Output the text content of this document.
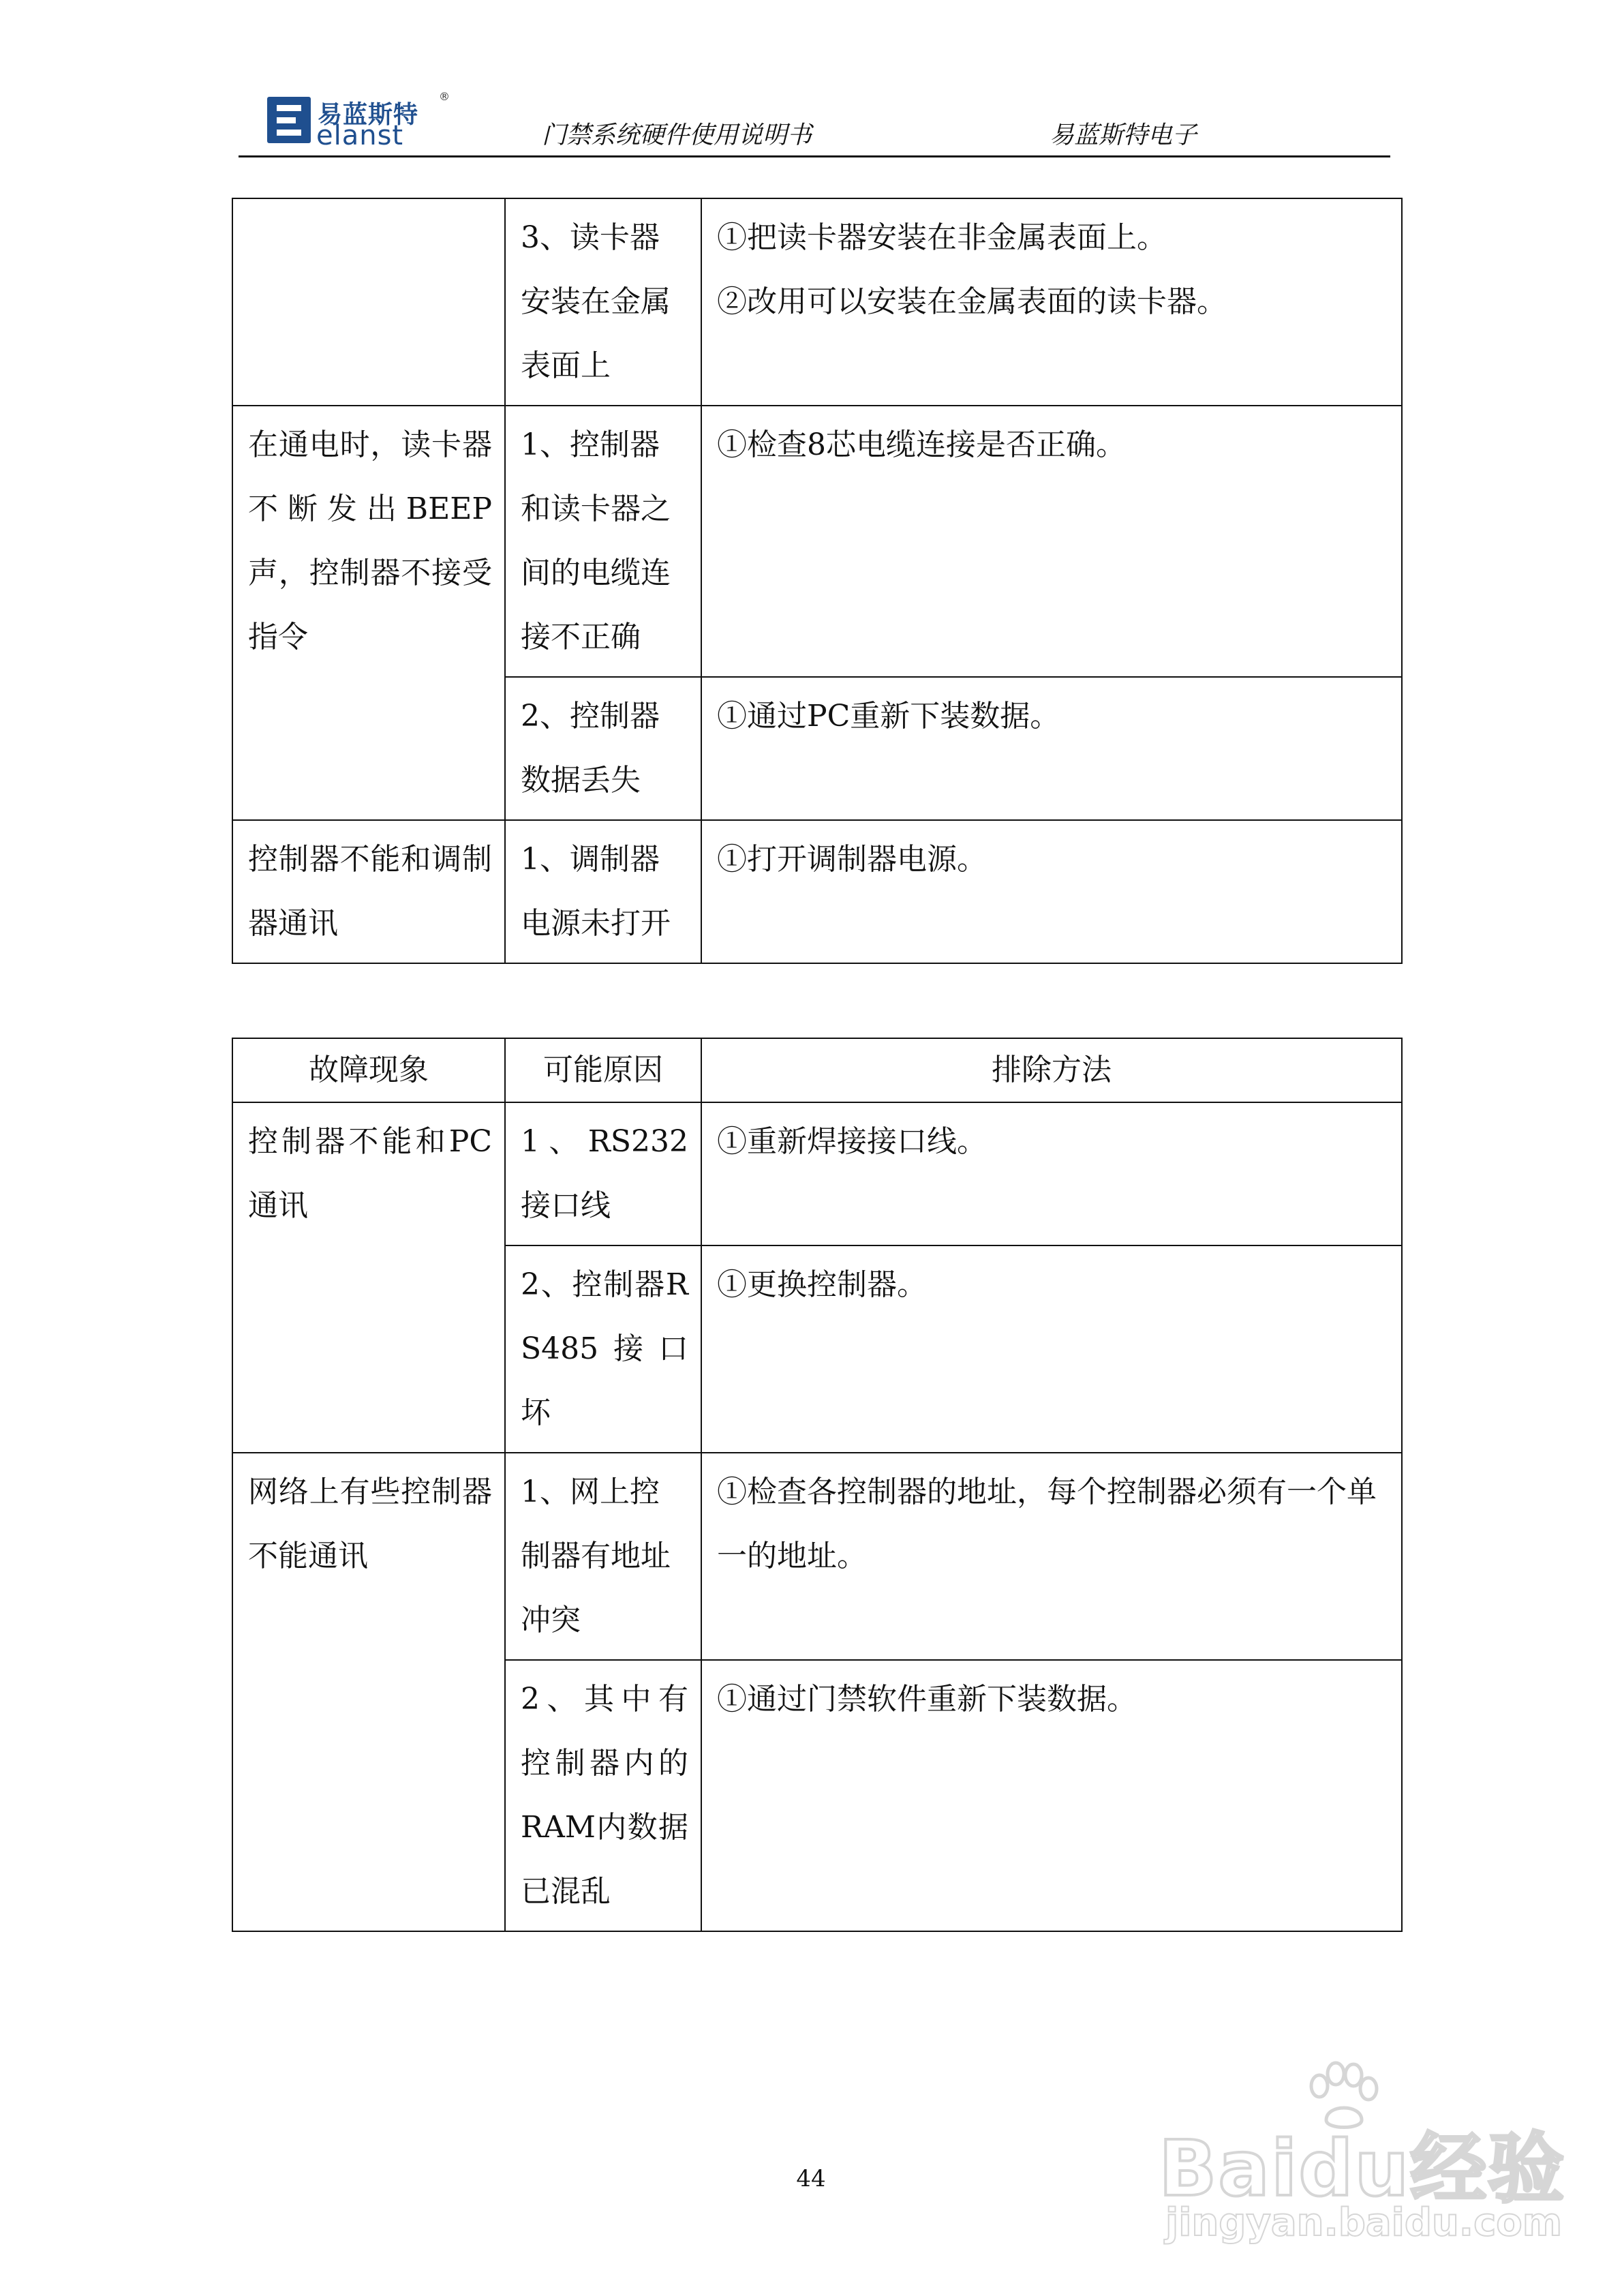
易蓝斯特
elanst
®
门禁系统硬件使用说明书	易蓝斯特电子
	3、读卡器安装在金属表面上	①把读卡器安装在非金属表面上。
②改用可以安装在金属表面的读卡器。

在通电时，读卡器不断发出BEEP声，控制器不接受指令	1、控制器和读卡器之间的电缆连接不正确	①检查8芯电缆连接是否正确。

	2、控制器数据丢失	①通过PC重新下装数据。

控制器不能和调制器通讯	1、调制器电源未打开	①打开调制器电源。
故障现象	可能原因	排除方法
控制器不能和PC通讯	1、RS232接口线	①重新焊接接口线。

	2、控制器RS485接口坏	①更换控制器。

网络上有些控制器不能通讯	1、网上控制器有地址冲突	①检查各控制器的地址，每个控制器必须有一个单一的地址。

	2、其中有控制器内的RAM内数据已混乱	①通过门禁软件重新下装数据。
44	Baidu经验
jingyan.baidu.com
